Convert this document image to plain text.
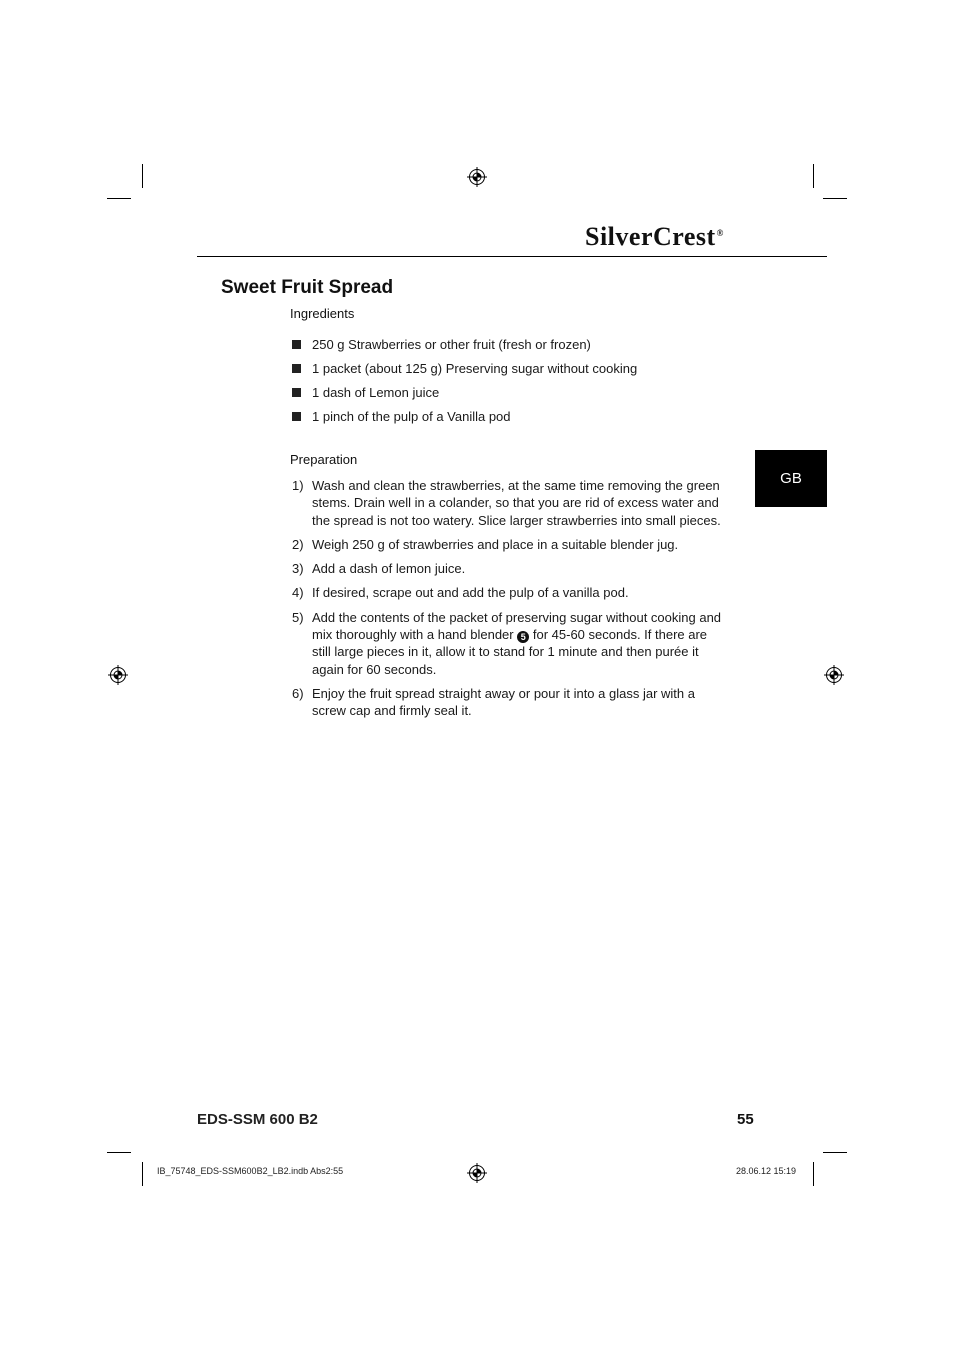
SilverCrest ®
Sweet Fruit Spread
Ingredients
250 g Strawberries or other fruit (fresh or frozen)
1 packet (about 125 g) Preserving sugar without cooking
1 dash of Lemon juice
1 pinch of the pulp of a Vanilla pod
Preparation
1) Wash and clean the strawberries, at the same time removing the green stems. Drain well in a colander, so that you are rid of excess water and the spread is not too watery. Slice larger strawberries into small pieces.
2) Weigh 250 g of strawberries and place in a suitable blender jug.
3) Add a dash of lemon juice.
4) If desired, scrape out and add the pulp of a vanilla pod.
5) Add the contents of the packet of preserving sugar without cooking and mix thoroughly with a hand blender 5 for 45-60 seconds. If there are still large pieces in it, allow it to stand for 1 minute and then purée it again for 60 seconds.
6) Enjoy the fruit spread straight away or pour it into a glass jar with a screw cap and firmly seal it.
GB
EDS-SSM 600 B2	55
IB_75748_EDS-SSM600B2_LB2.indb Abs2:55	28.06.12 15:19
